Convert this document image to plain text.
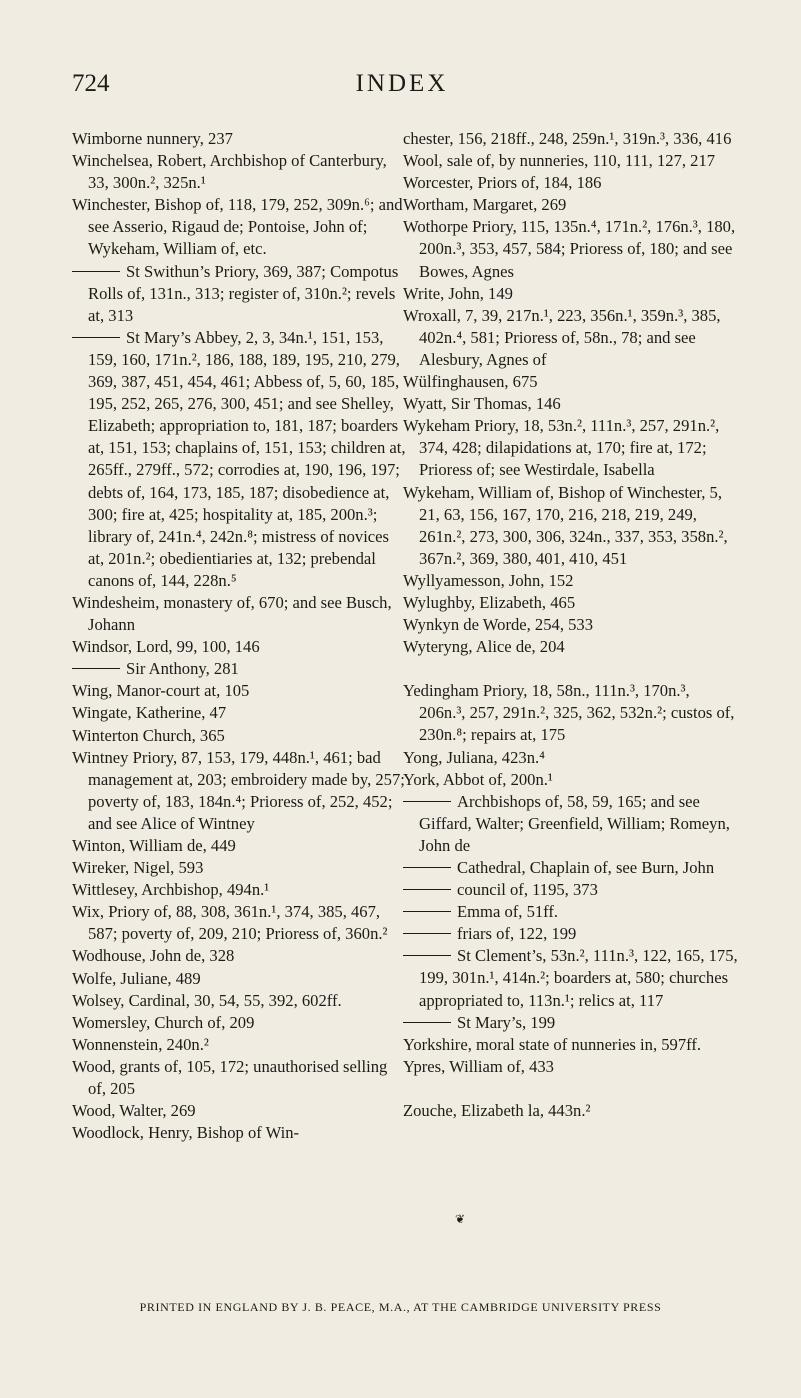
724	INDEX
Wimborne nunnery, 237
Winchelsea, Robert, Archbishop of Canterbury, 33, 300n.², 325n.¹
Winchester, Bishop of, 118, 179, 252, 309n.⁶; and see Asserio, Rigaud de; Pontoise, John of; Wykeham, William of, etc.
St Swithun’s Priory, 369, 387; Compotus Rolls of, 131n., 313; register of, 310n.²; revels at, 313
St Mary’s Abbey, 2, 3, 34n.¹, 151, 153, 159, 160, 171n.², 186, 188, 189, 195, 210, 279, 369, 387, 451, 454, 461; Abbess of, 5, 60, 185, 195, 252, 265, 276, 300, 451; and see Shelley, Elizabeth; appropriation to, 181, 187; boarders at, 151, 153; chaplains of, 151, 153; children at, 265ff., 279ff., 572; corrodies at, 190, 196, 197; debts of, 164, 173, 185, 187; disobedience at, 300; fire at, 425; hospitality at, 185, 200n.³; library of, 241n.⁴, 242n.⁸; mistress of novices at, 201n.²; obedientiaries at, 132; prebendal canons of, 144, 228n.⁵
Windesheim, monastery of, 670; and see Busch, Johann
Windsor, Lord, 99, 100, 146
Sir Anthony, 281
Wing, Manor-court at, 105
Wingate, Katherine, 47
Winterton Church, 365
Wintney Priory, 87, 153, 179, 448n.¹, 461; bad management at, 203; embroidery made by, 257; poverty of, 183, 184n.⁴; Prioress of, 252, 452; and see Alice of Wintney
Winton, William de, 449
Wireker, Nigel, 593
Wittlesey, Archbishop, 494n.¹
Wix, Priory of, 88, 308, 361n.¹, 374, 385, 467, 587; poverty of, 209, 210; Prioress of, 360n.²
Wodhouse, John de, 328
Wolfe, Juliane, 489
Wolsey, Cardinal, 30, 54, 55, 392, 602ff.
Womersley, Church of, 209
Wonnenstein, 240n.²
Wood, grants of, 105, 172; unauthorised selling of, 205
Wood, Walter, 269
Woodlock, Henry, Bishop of Win-
chester, 156, 218ff., 248, 259n.¹, 319n.³, 336, 416
Wool, sale of, by nunneries, 110, 111, 127, 217
Worcester, Priors of, 184, 186
Wortham, Margaret, 269
Wothorpe Priory, 115, 135n.⁴, 171n.², 176n.³, 180, 200n.³, 353, 457, 584; Prioress of, 180; and see Bowes, Agnes
Write, John, 149
Wroxall, 7, 39, 217n.¹, 223, 356n.¹, 359n.³, 385, 402n.⁴, 581; Prioress of, 58n., 78; and see Alesbury, Agnes of
Wülfinghausen, 675
Wyatt, Sir Thomas, 146
Wykeham Priory, 18, 53n.², 111n.³, 257, 291n.², 374, 428; dilapidations at, 170; fire at, 172; Prioress of; see Westirdale, Isabella
Wykeham, William of, Bishop of Winchester, 5, 21, 63, 156, 167, 170, 216, 218, 219, 249, 261n.², 273, 300, 306, 324n., 337, 353, 358n.², 367n.², 369, 380, 401, 410, 451
Wyllyamesson, John, 152
Wylughby, Elizabeth, 465
Wynkyn de Worde, 254, 533
Wyteryng, Alice de, 204
Yedingham Priory, 18, 58n., 111n.³, 170n.³, 206n.³, 257, 291n.², 325, 362, 532n.²; custos of, 230n.⁸; repairs at, 175
Yong, Juliana, 423n.⁴
York, Abbot of, 200n.¹
Archbishops of, 58, 59, 165; and see Giffard, Walter; Greenfield, William; Romeyn, John de
Cathedral, Chaplain of, see Burn, John
council of, 1195, 373
Emma of, 51ff.
friars of, 122, 199
St Clement’s, 53n.², 111n.³, 122, 165, 175, 199, 301n.¹, 414n.²; boarders at, 580; churches appropriated to, 113n.¹; relics at, 117
St Mary’s, 199
Yorkshire, moral state of nunneries in, 597ff.
Ypres, William of, 433
Zouche, Elizabeth la, 443n.²
❦
PRINTED IN ENGLAND BY J. B. PEACE, M.A., AT THE CAMBRIDGE UNIVERSITY PRESS
